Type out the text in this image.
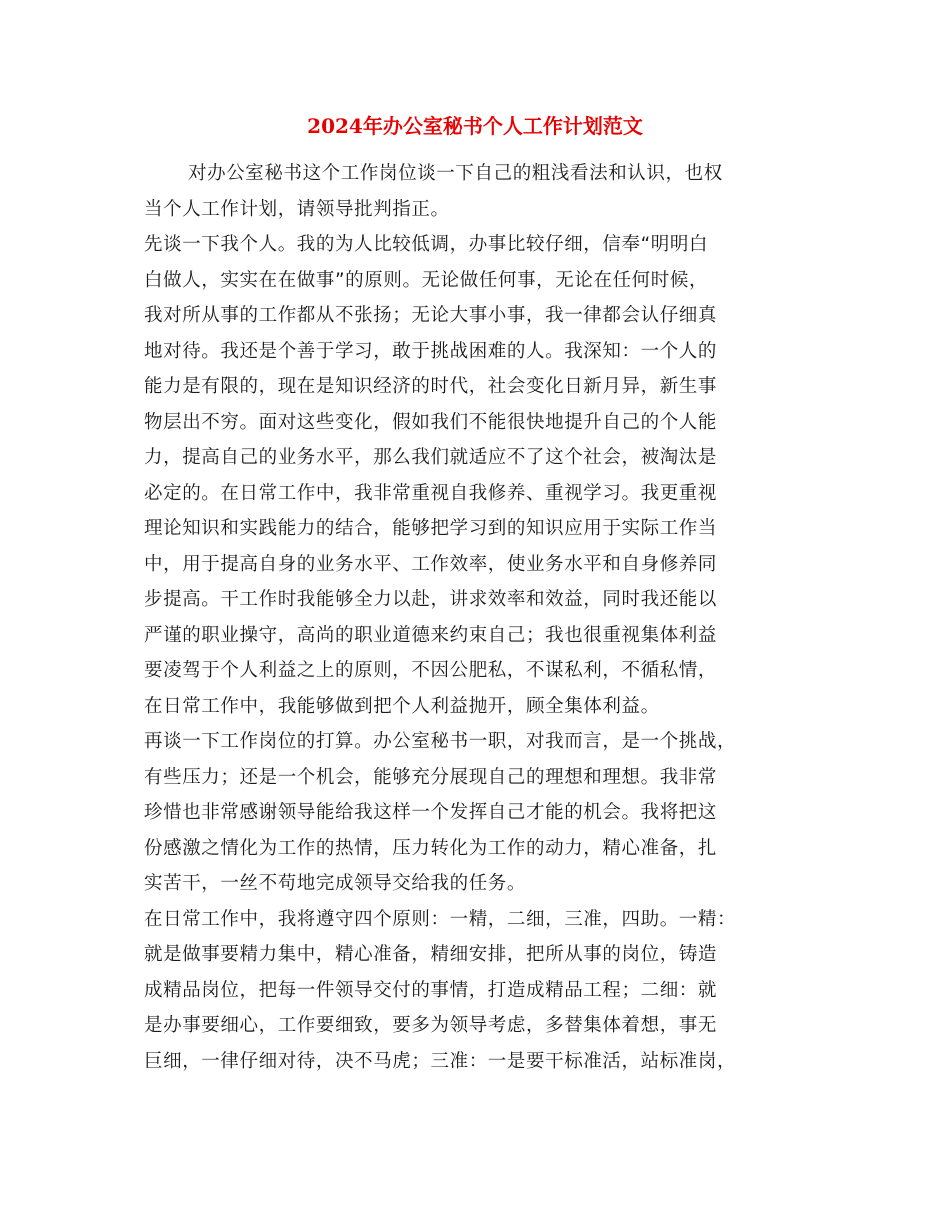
2024年办公室秘书个人工作计划范文
对办公室秘书这个工作岗位谈一下自己的粗浅看法和认识，也权
当个人工作计划，请领导批判指正。
先谈一下我个人。我的为人比较低调，办事比较仔细，信奉“明明白
白做人，实实在在做事”的原则。无论做任何事，无论在任何时候，
我对所从事的工作都从不张扬；无论大事小事，我一律都会认仔细真
地对待。我还是个善于学习，敢于挑战困难的人。我深知：一个人的
能力是有限的，现在是知识经济的时代，社会变化日新月异，新生事
物层出不穷。面对这些变化，假如我们不能很快地提升自己的个人能
力，提高自己的业务水平，那么我们就适应不了这个社会，被淘汰是
必定的。在日常工作中，我非常重视自我修养、重视学习。我更重视
理论知识和实践能力的结合，能够把学习到的知识应用于实际工作当
中，用于提高自身的业务水平、工作效率，使业务水平和自身修养同
步提高。干工作时我能够全力以赴，讲求效率和效益，同时我还能以
严谨的职业操守，高尚的职业道德来约束自己；我也很重视集体利益
要凌驾于个人利益之上的原则，不因公肥私，不谋私利，不循私情，
在日常工作中，我能够做到把个人利益抛开，顾全集体利益。
再谈一下工作岗位的打算。办公室秘书一职，对我而言，是一个挑战，
有些压力；还是一个机会，能够充分展现自己的理想和理想。我非常
珍惜也非常感谢领导能给我这样一个发挥自己才能的机会。我将把这
份感激之情化为工作的热情，压力转化为工作的动力，精心准备，扎
实苦干，一丝不苟地完成领导交给我的任务。
在日常工作中，我将遵守四个原则：一精，二细，三准，四助。一精：
就是做事要精力集中，精心准备，精细安排，把所从事的岗位，铸造
成精品岗位，把每一件领导交付的事情，打造成精品工程；二细：就
是办事要细心，工作要细致，要多为领导考虑，多替集体着想，事无
巨细，一律仔细对待，决不马虎；三准：一是要干标准活，站标准岗，
